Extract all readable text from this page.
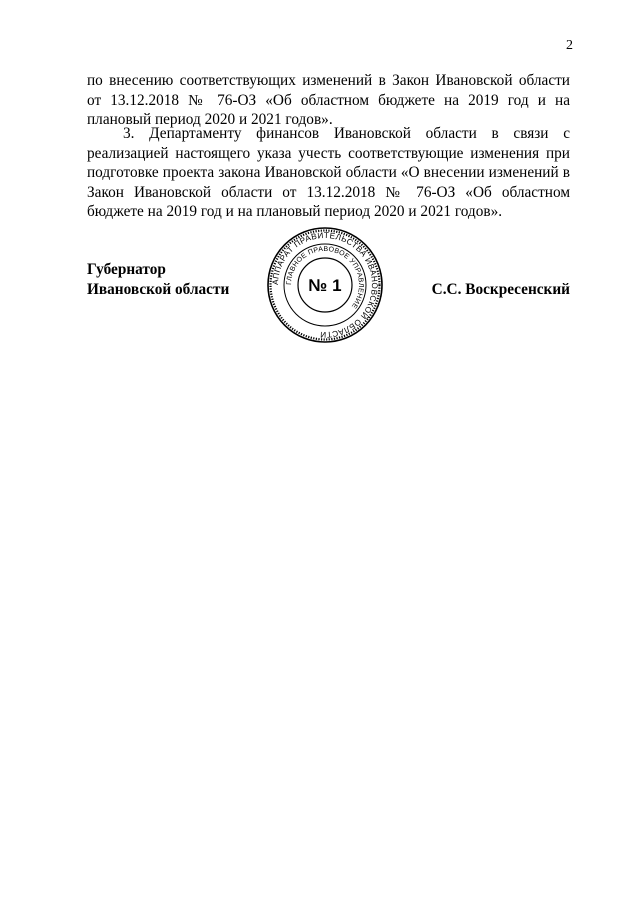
2

по внесению соответствующих изменений в Закон Ивановской области от 13.12.2018 № 76-ОЗ «Об областном бюджете на 2019 год и на плановый период 2020 и 2021 годов».

3. Департаменту финансов Ивановской области в связи с реализацией настоящего указа учесть соответствующие изменения при подготовке проекта закона Ивановской области «О внесении изменений в Закон Ивановской области от 13.12.2018 № 76-ОЗ «Об областном бюджете на 2019 год и на плановый период 2020 и 2021 годов».

Губернатор
Ивановской области	С.С. Воскресенский
АППАРАТ ПРАВИТЕЛЬСТВА ИВАНОВСКОЙ ОБЛАСТИ
ГЛАВНОЕ ПРАВОВОЕ УПРАВЛЕНИЕ
№ 1
